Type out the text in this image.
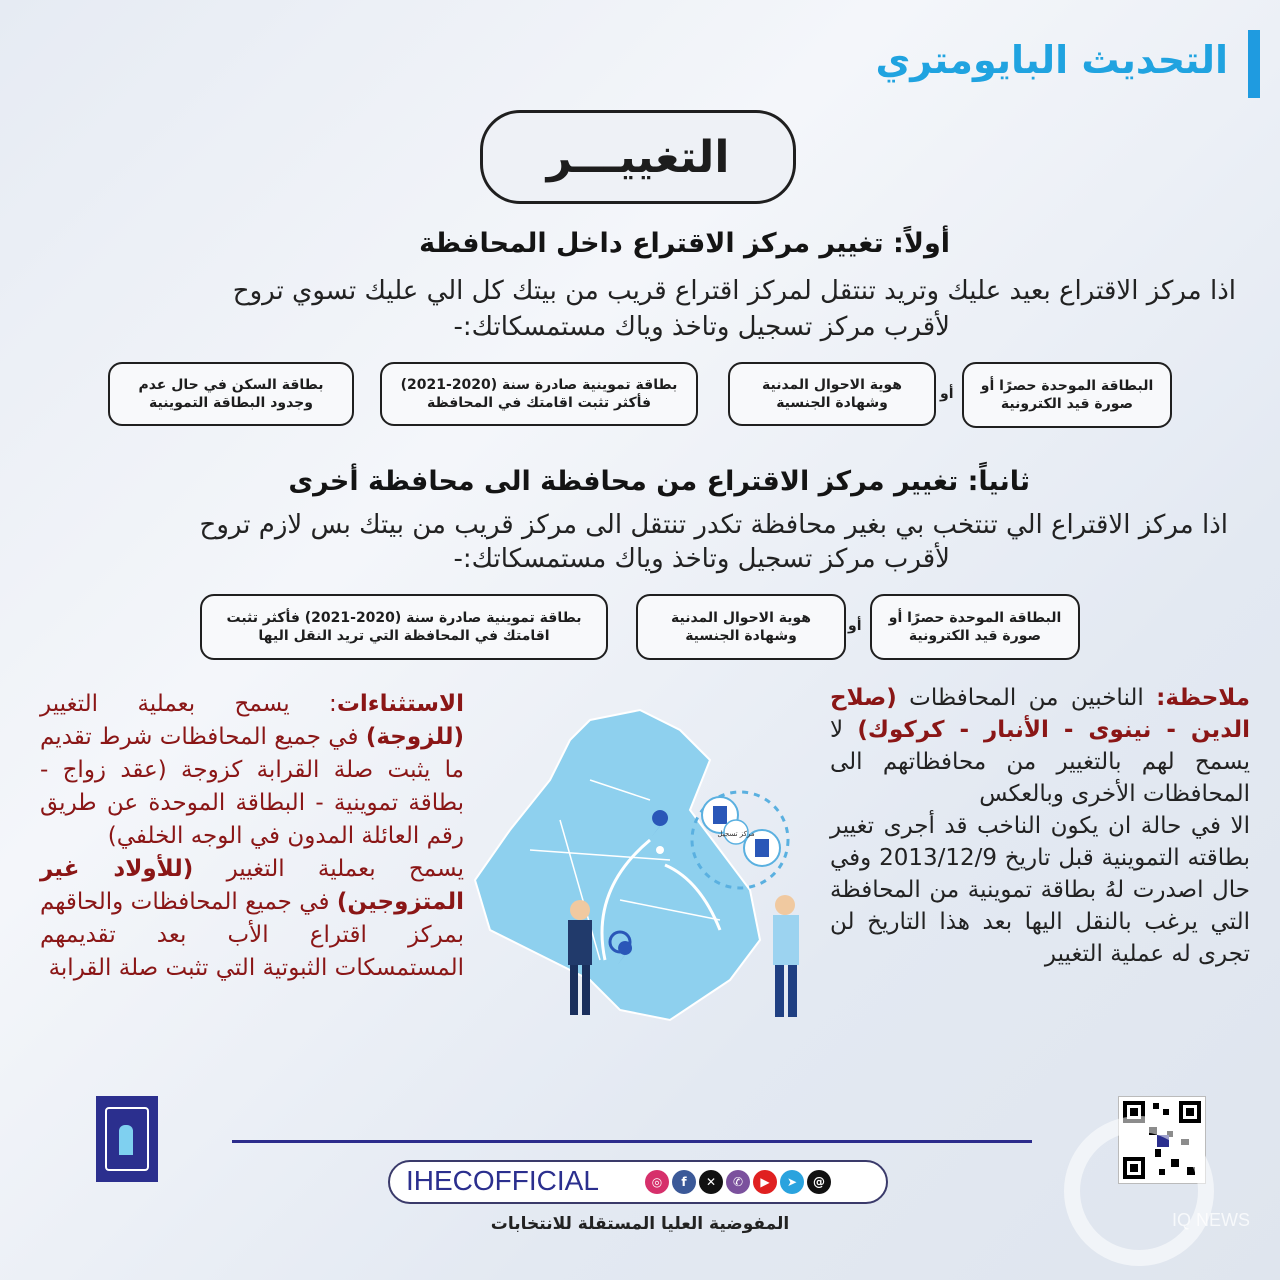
التحديث البايومتري
التغييـــر
أولاً: تغيير مركز الاقتراع داخل المحافظة
اذا مركز الاقتراع بعيد عليك وتريد تنتقل لمركز اقتراع قريب من بيتك كل الي عليك تسوي تروح
لأقرب مركز تسجيل وتاخذ وياك مستمسكاتك:-
البطاقة الموحدة حصرًا أو صورة قيد الكترونية
أو
هوية الاحوال المدنية وشهادة الجنسية
بطاقة تموينية صادرة سنة (2020-2021) فأكثر تثبت اقامتك في المحافظة
بطاقة السكن في حال عدم وجدود البطاقة التموينية
ثانياً: تغيير مركز الاقتراع من محافظة الى محافظة أخرى
اذا مركز الاقتراع الي تنتخب بي بغير محافظة تكدر تنتقل الى مركز قريب من بيتك بس لازم تروح
لأقرب مركز تسجيل وتاخذ وياك مستمسكاتك:-
البطاقة الموحدة حصرًا أو صورة قيد الكترونية
أو
هوية الاحوال المدنية وشهادة الجنسية
بطاقة تموينية صادرة سنة (2020-2021) فأكثر تثبت اقامتك في المحافظة التي تريد النقل اليها
ملاحظة: الناخبين من المحافظات (صلاح الدين - نينوى - الأنبار - كركوك) لا يسمح لهم بالتغيير من محافظاتهم الى المحافظات الأخرى وبالعكس
الا في حالة ان يكون الناخب قد أجرى تغيير بطاقته التموينية قبل تاريخ 2013/12/9 وفي حال اصدرت لهُ بطاقة تموينية من المحافظة التي يرغب بالنقل اليها بعد هذا التاريخ لن تجرى له عملية التغيير
الاستثناءات: يسمح بعملية التغيير (للزوجة) في جميع المحافظات شرط تقديم ما يثبت صلة القرابة كزوجة (عقد زواج - بطاقة تموينية - البطاقة الموحدة عن طريق رقم العائلة المدون في الوجه الخلفي)
يسمح بعملية التغيير (للأولاد غير المتزوجين) في جميع المحافظات والحاقهم بمركز اقتراع الأب بعد تقديمهم المستمسكات الثبوتية التي تثبت صلة القرابة
مركز تسجيل
IHECOFFICIAL	◎	f	✕	✆	▶	➤	@
المفوضية العليا المستقلة للانتخابات	IQ NEWS
